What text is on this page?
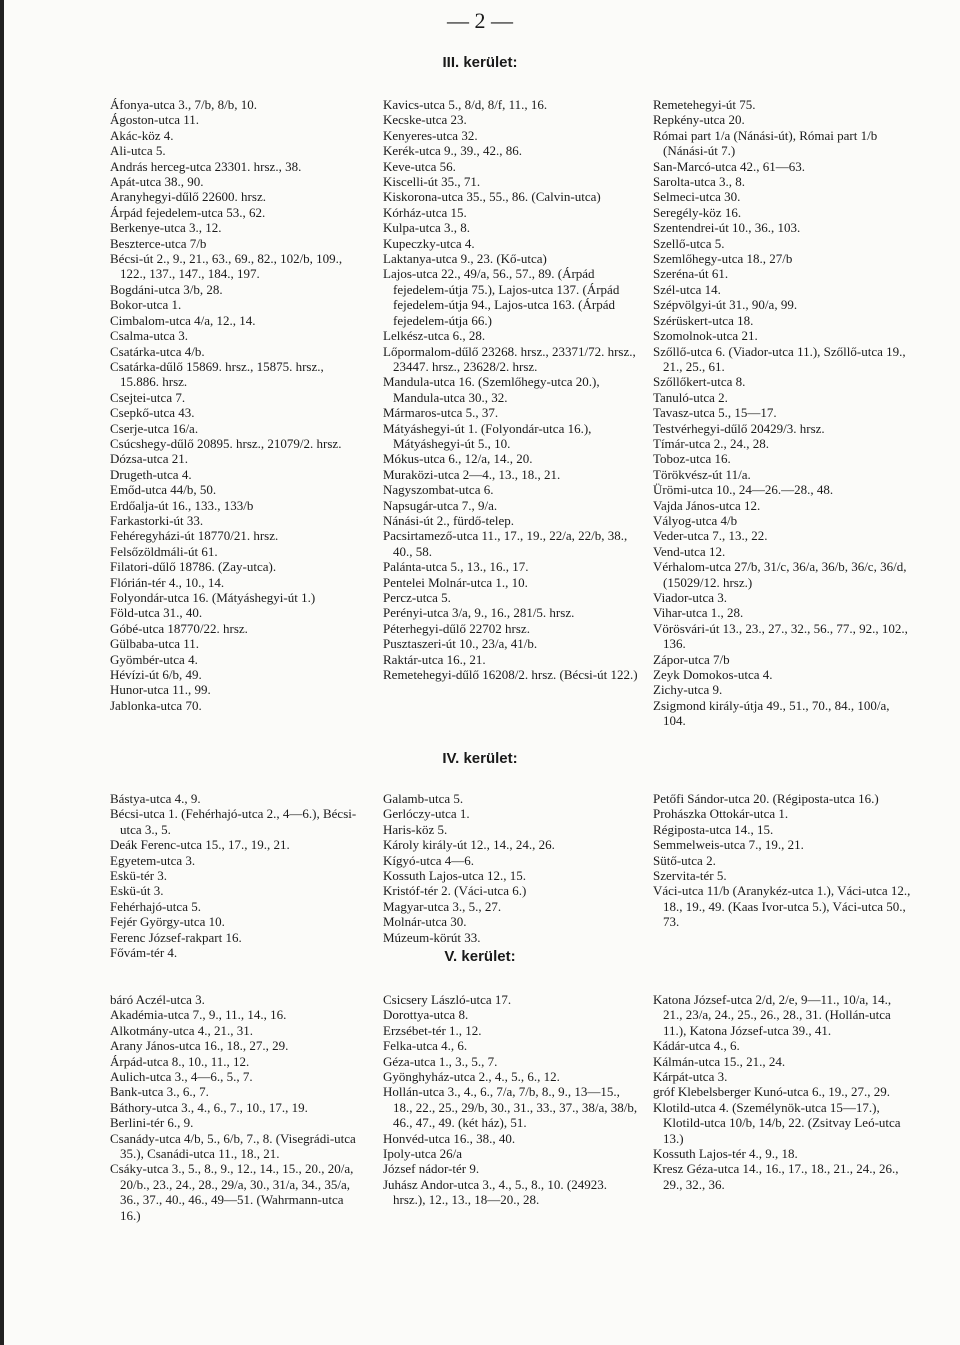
— 2 —
III. kerület:

Áfonya-utca 3., 7/b, 8/b, 10.

Ágoston-utca 11.

Akác-köz 4.

Ali-utca 5.

András herceg-utca 23301. hrsz., 38.

Apát-utca 38., 90.

Aranyhegyi-dűlő 22600. hrsz.

Árpád fejedelem-utca 53., 62.

Berkenye-utca 3., 12.

Beszterce-utca 7/b

Bécsi-út 2., 9., 21., 63., 69., 82., 102/b, 109., 122., 137., 147., 184., 197.

Bogdáni-utca 3/b, 28.

Bokor-utca 1.

Cimbalom-utca 4/a, 12., 14.

Csalma-utca 3.

Csatárka-utca 4/b.

Csatárka-dűlő 15869. hrsz., 15875. hrsz., 15.886. hrsz.

Csejtei-utca 7.

Csepkő-utca 43.

Cserje-utca 16/a.

Csúcshegy-dűlő 20895. hrsz., 21079/2. hrsz.

Dózsa-utca 21.

Drugeth-utca 4.

Emőd-utca 44/b, 50.

Erdőalja-út 16., 133., 133/b

Farkastorki-út 33.

Fehéregyházi-út 18770/21. hrsz.

Felsőzöldmáli-út 61.

Filatori-dűlő 18786. (Zay-utca).

Flórián-tér 4., 10., 14.

Folyondár-utca 16. (Mátyáshegyi-út 1.)

Föld-utca 31., 40.

Góbé-utca 18770/22. hrsz.

Gülbaba-utca 11.

Gyömbér-utca 4.

Hévízi-út 6/b, 49.

Hunor-utca 11., 99.

Jablonka-utca 70.

Kavics-utca 5., 8/d, 8/f, 11., 16.

Kecske-utca 23.

Kenyeres-utca 32.

Kerék-utca 9., 39., 42., 86.

Keve-utca 56.

Kiscelli-út 35., 71.

Kiskorona-utca 35., 55., 86. (Calvin-utca)

Kórház-utca 15.

Kulpa-utca 3., 8.

Kupeczky-utca 4.

Laktanya-utca 9., 23. (Kő-utca)

Lajos-utca 22., 49/a, 56., 57., 89. (Árpád fejedelem-útja 75.), Lajos-utca 137. (Árpád fejedelem-útja 94., Lajos-utca 163. (Árpád fejedelem-útja 66.)

Lelkész-utca 6., 28.

Lőpormalom-dűlő 23268. hrsz., 23371/72. hrsz., 23447. hrsz., 23628/2. hrsz.

Mandula-utca 16. (Szemlőhegy-utca 20.), Mandula-utca 30., 32.

Mármaros-utca 5., 37.

Mátyáshegyi-út 1. (Folyondár-utca 16.), Mátyáshegyi-út 5., 10.

Mókus-utca 6., 12/a, 14., 20.

Muraközi-utca 2—4., 13., 18., 21.

Nagyszombat-utca 6.

Napsugár-utca 7., 9/a.

Nánási-út 2., fürdő-telep.

Pacsirtamező-utca 11., 17., 19., 22/a, 22/b, 38., 40., 58.

Palánta-utca 5., 13., 16., 17.

Pentelei Molnár-utca 1., 10.

Percz-utca 5.

Perényi-utca 3/a, 9., 16., 281/5. hrsz.

Péterhegyi-dűlő 22702 hrsz.

Pusztaszeri-út 10., 23/a, 41/b.

Raktár-utca 16., 21.

Remetehegyi-dűlő 16208/2. hrsz. (Bécsi-út 122.)

Remetehegyi-út 75.

Repkény-utca 20.

Római part 1/a (Nánási-út), Római part 1/b (Nánási-út 7.)

San-Marcó-utca 42., 61—63.

Sarolta-utca 3., 8.

Selmeci-utca 30.

Seregély-köz 16.

Szentendrei-út 10., 36., 103.

Szellő-utca 5.

Szemlőhegy-utca 18., 27/b

Szeréna-út 61.

Szél-utca 14.

Szépvölgyi-út 31., 90/a, 99.

Szérüskert-utca 18.

Szomolnok-utca 21.

Szőllő-utca 6. (Viador-utca 11.), Szőllő-utca 19., 21., 25., 61.

Szőllőkert-utca 8.

Tanuló-utca 2.

Tavasz-utca 5., 15—17.

Testvérhegyi-dűlő 20429/3. hrsz.

Tímár-utca 2., 24., 28.

Toboz-utca 16.

Törökvész-út 11/a.

Ürömi-utca 10., 24—26.—28., 48.

Vajda János-utca 12.

Vályog-utca 4/b

Veder-utca 7., 13., 22.

Vend-utca 12.

Vérhalom-utca 27/b, 31/c, 36/a, 36/b, 36/c, 36/d, (15029/12. hrsz.)

Viador-utca 3.

Vihar-utca 1., 28.

Vörösvári-út 13., 23., 27., 32., 56., 77., 92., 102., 136.

Zápor-utca 7/b

Zeyk Domokos-utca 4.

Zichy-utca 9.

Zsigmond király-útja 49., 51., 70., 84., 100/a, 104.

IV. kerület:

Bástya-utca 4., 9.

Bécsi-utca 1. (Fehérhajó-utca 2., 4—6.), Bécsi-utca 3., 5.

Deák Ferenc-utca 15., 17., 19., 21.

Egyetem-utca 3.

Eskü-tér 3.

Eskü-út 3.

Fehérhajó-utca 5.

Fejér György-utca 10.

Ferenc József-rakpart 16.

Fővám-tér 4.

Galamb-utca 5.

Gerlóczy-utca 1.

Haris-köz 5.

Károly király-út 12., 14., 24., 26.

Kígyó-utca 4—6.

Kossuth Lajos-utca 12., 15.

Kristóf-tér 2. (Váci-utca 6.)

Magyar-utca 3., 5., 27.

Molnár-utca 30.

Múzeum-körút 33.

Petőfi Sándor-utca 20. (Régiposta-utca 16.)

Prohászka Ottokár-utca 1.

Régiposta-utca 14., 15.

Semmelweis-utca 7., 19., 21.

Sütő-utca 2.

Szervita-tér 5.

Váci-utca 11/b (Aranykéz-utca 1.), Váci-utca 12., 18., 19., 49. (Kaas Ivor-utca 5.), Váci-utca 50., 73.

V. kerület:

báró Aczél-utca 3.

Akadémia-utca 7., 9., 11., 14., 16.

Alkotmány-utca 4., 21., 31.

Arany János-utca 16., 18., 27., 29.

Árpád-utca 8., 10., 11., 12.

Aulich-utca 3., 4—6., 5., 7.

Bank-utca 3., 6., 7.

Báthory-utca 3., 4., 6., 7., 10., 17., 19.

Berlini-tér 6., 9.

Csanády-utca 4/b, 5., 6/b, 7., 8. (Visegrádi-utca 35.), Csanádi-utca 11., 18., 21.

Csáky-utca 3., 5., 8., 9., 12., 14., 15., 20., 20/a, 20/b., 23., 24., 28., 29/a, 30., 31/a, 34., 35/a, 36., 37., 40., 46., 49—51. (Wahrmann-utca 16.)

Csicsery László-utca 17.

Dorottya-utca 8.

Erzsébet-tér 1., 12.

Felka-utca 4., 6.

Géza-utca 1., 3., 5., 7.

Gyönghyház-utca 2., 4., 5., 6., 12.

Hollán-utca 3., 4., 6., 7/a, 7/b, 8., 9., 13—15., 18., 22., 25., 29/b, 30., 31., 33., 37., 38/a, 38/b, 46., 47., 49. (két ház), 51.

Honvéd-utca 16., 38., 40.

Ipoly-utca 26/a

József nádor-tér 9.

Juhász Andor-utca 3., 4., 5., 8., 10. (24923. hrsz.), 12., 13., 18—20., 28.

Katona József-utca 2/d, 2/e, 9—11., 10/a, 14., 21., 23/a, 24., 25., 26., 28., 31. (Hollán-utca 11.), Katona József-utca 39., 41.

Kádár-utca 4., 6.

Kálmán-utca 15., 21., 24.

Kárpát-utca 3.

gróf Klebelsberger Kunó-utca 6., 19., 27., 29.

Klotild-utca 4. (Személynök-utca 15—17.), Klotild-utca 10/b, 14/b, 22. (Zsitvay Leó-utca 13.)

Kossuth Lajos-tér 4., 9., 18.

Kresz Géza-utca 14., 16., 17., 18., 21., 24., 26., 29., 32., 36.
